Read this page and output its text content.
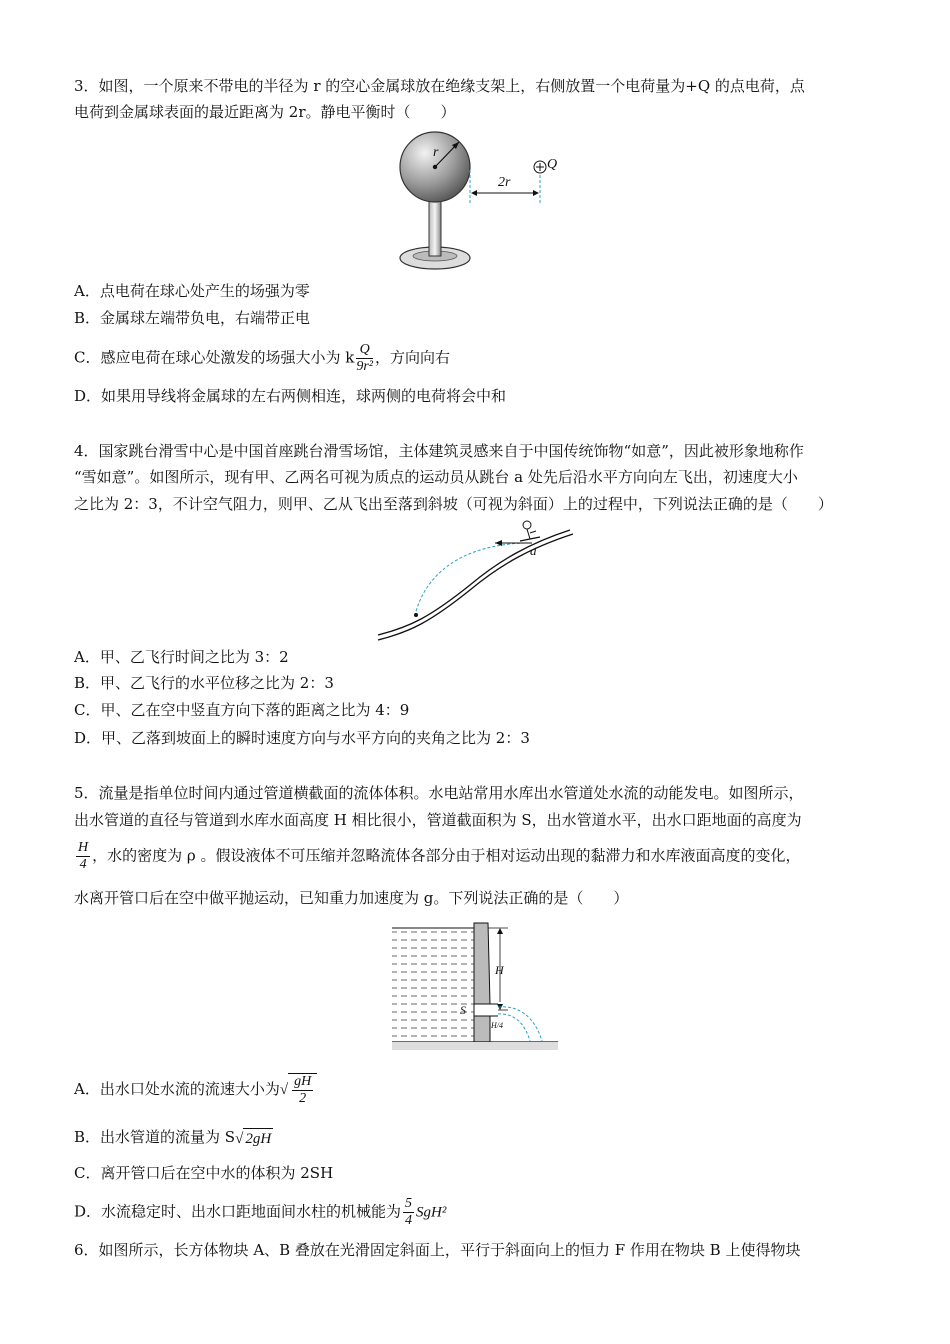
3．如图，一个原来不带电的半径为 r 的空心金属球放在绝缘支架上，右侧放置一个电荷量为+Q 的点电荷，点
电荷到金属球表面的最近距离为 2r。静电平衡时（　　）
r
2r
Q
A．点电荷在球心处产生的场强为零
B．金属球左端带负电，右端带正电
C．感应电荷在球心处激发的场强大小为 k $\frac{Q}{\text{9r²}}$ ，方向向右
D．如果用导线将金属球的左右两侧相连，球两侧的电荷将会中和
4．国家跳台滑雪中心是中国首座跳台滑雪场馆，主体建筑灵感来自于中国传统饰物“如意”，因此被形象地称作
“雪如意”。如图所示，现有甲、乙两名可视为质点的运动员从跳台 a 处先后沿水平方向向左飞出，初速度大小
之比为 2：3，不计空气阻力，则甲、乙从飞出至落到斜坡（可视为斜面）上的过程中，下列说法正确的是（　　）
a
A．甲、乙飞行时间之比为 3：2
B．甲、乙飞行的水平位移之比为 2：3
C．甲、乙在空中竖直方向下落的距离之比为 4：9
D．甲、乙落到坡面上的瞬时速度方向与水平方向的夹角之比为 2：3
5．流量是指单位时间内通过管道横截面的流体体积。水电站常用水库出水管道处水流的动能发电。如图所示，
出水管道的直径与管道到水库水面高度 H 相比很小，管道截面积为 S，出水管道水平，出水口距地面的高度为
$\frac{H}{4}$ ，水的密度为 ρ 。假设液体不可压缩并忽略流体各部分由于相对运动出现的黏滞力和水库液面高度的变化，
水离开管口后在空中做平抛运动，已知重力加速度为 g。下列说法正确的是（　　）
H
S
H/4
A．出水口处水流的流速大小为√ $\frac{gH}{2}$
B．出水管道的流量为 S√ 2gH
C．离开管口后在空中水的体积为 2SH
D．水流稳定时、出水口距地面间水柱的机械能为 $\frac{5}{4} SgH^2$
6．如图所示，长方体物块 A、B 叠放在光滑固定斜面上，平行于斜面向上的恒力 F 作用在物块 B 上使得物块
